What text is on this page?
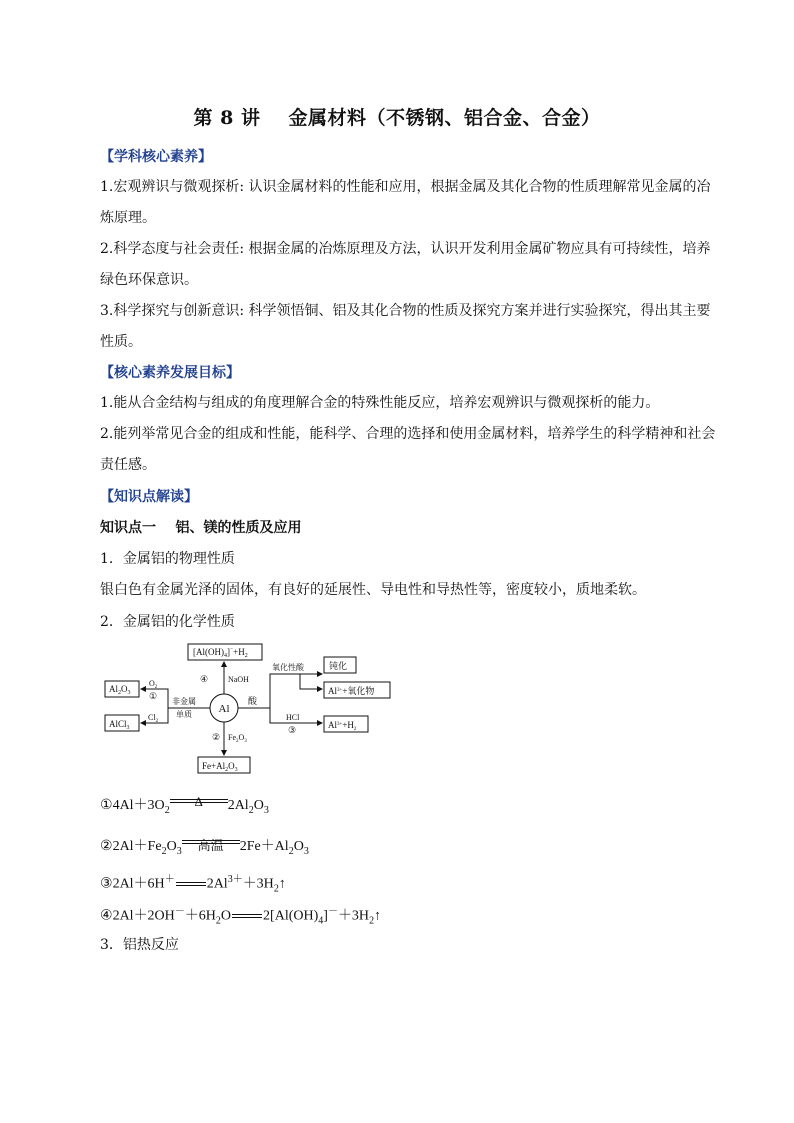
第 8 讲 金属材料（不锈钢、铝合金、合金）
【学科核心素养】
1.宏观辨识与微观探析: 认识金属材料的性能和应用，根据金属及其化合物的性质理解常见金属的冶炼原理。
2.科学态度与社会责任: 根据金属的冶炼原理及方法，认识开发利用金属矿物应具有可持续性，培养绿色环保意识。
3.科学探究与创新意识: 科学领悟铜、铝及其化合物的性质及探究方案并进行实验探究，得出其主要性质。
【核心素养发展目标】
1.能从合金结构与组成的角度理解合金的特殊性能反应，培养宏观辨识与微观探析的能力。
2.能列举常见合金的组成和性能，能科学、合理的选择和使用金属材料，培养学生的科学精神和社会责任感。
【知识点解读】
知识点一    铝、镁的性质及应用
1．金属铝的物理性质
银白色有金属光泽的固体，有良好的延展性、导电性和导热性等，密度较小，质地柔软。
2．金属铝的化学性质
Al
$[Al(OH)_4]^{^-}+H_2$
④ NaOH
$Al_2O_3$
AlCl$_3$
$O_2$
①
$Cl_2$
非金属
单质
酸
氧化性酸	钝化
$Al^{3+}+$氧化物
HCl
③	$Al^{3+}+H_2$
② $Fe_2O_3$
$Fe+Al_2O_3$
$①4Al+3O_2$
Δ	$2Al_2O_3$
$②2Al+Fe_2O_3$	高温	$2Fe+Al_2O_3$
③2Al＋6H＋ $2Al^{3+}+3H_2↑$
$④2Al+2OH^-+6H_2O$ $2[Al(OH)_4]^-+3H_2↑$
3．铝热反应
